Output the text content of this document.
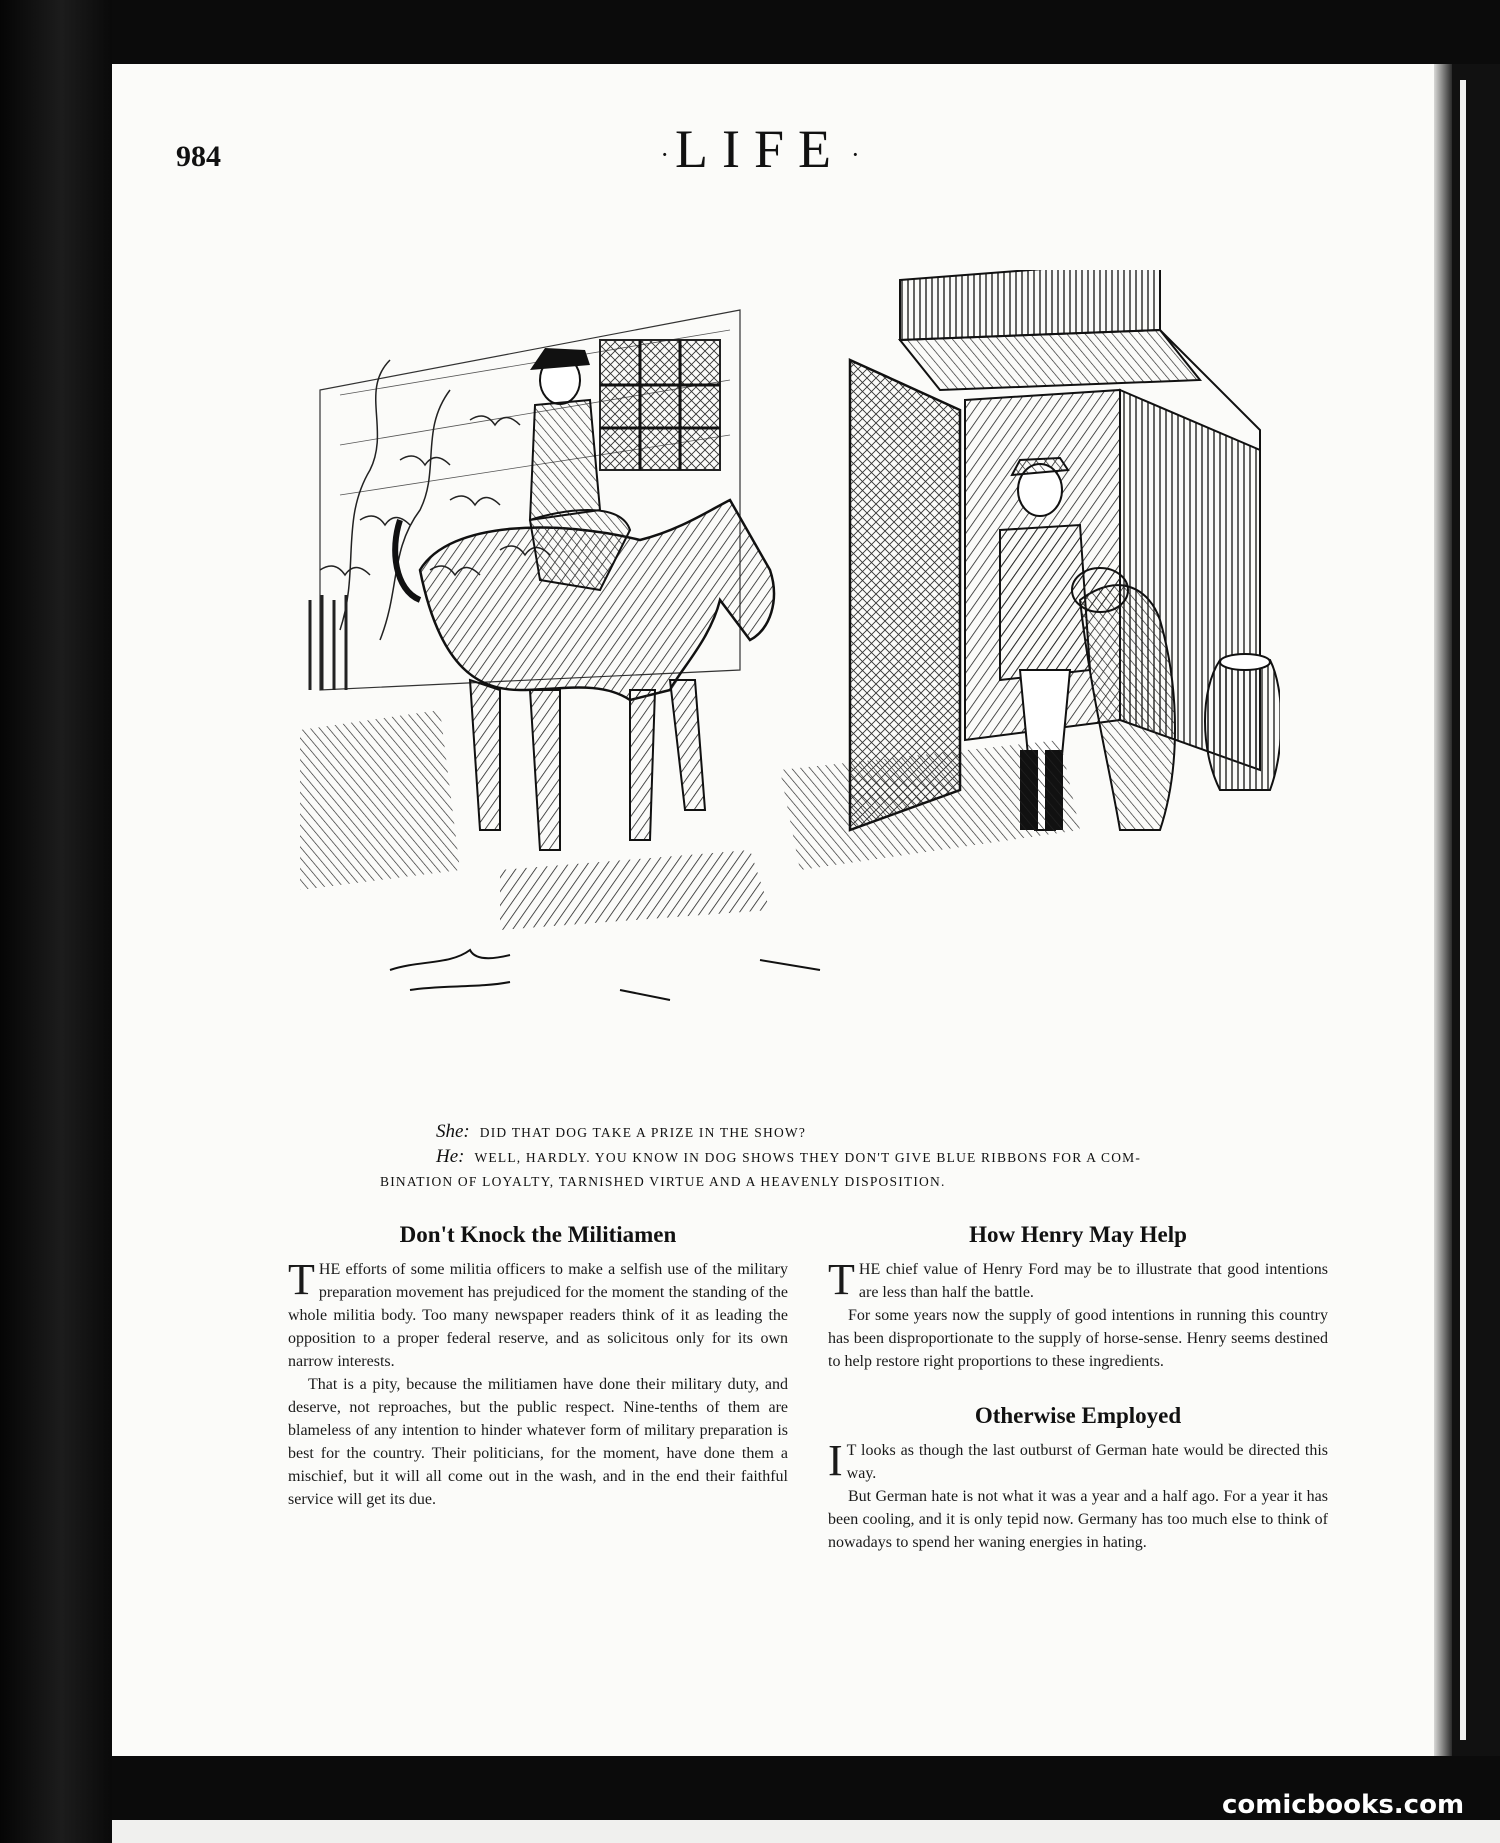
984	· LIFE ·
She: DID THAT DOG TAKE A PRIZE IN THE SHOW?
He: WELL, HARDLY. YOU KNOW IN DOG SHOWS THEY DON'T GIVE BLUE RIBBONS FOR A COM-
BINATION OF LOYALTY, TARNISHED VIRTUE AND A HEAVENLY DISPOSITION.
Don't Knock the Militiamen

THE efforts of some militia officers to make a selfish use of the military preparation movement has prejudiced for the moment the standing of the whole militia body. Too many newspaper readers think of it as leading the opposition to a proper federal reserve, and as solicitous only for its own narrow interests.

That is a pity, because the militiamen have done their military duty, and deserve, not reproaches, but the public respect. Nine-tenths of them are blameless of any intention to hinder whatever form of military preparation is best for the country. Their politicians, for the moment, have done them a mischief, but it will all come out in the wash, and in the end their faithful service will get its due.

How Henry May Help

THE chief value of Henry Ford may be to illustrate that good intentions are less than half the battle.

For some years now the supply of good intentions in running this country has been disproportionate to the supply of horse-sense. Henry seems destined to help restore right proportions to these ingredients.

Otherwise Employed

I T looks as though the last outburst of German hate would be directed this way.

But German hate is not what it was a year and a half ago. For a year it has been cooling, and it is only tepid now. Germany has too much else to think of nowadays to spend her waning energies in hating.

comicbooks.com
